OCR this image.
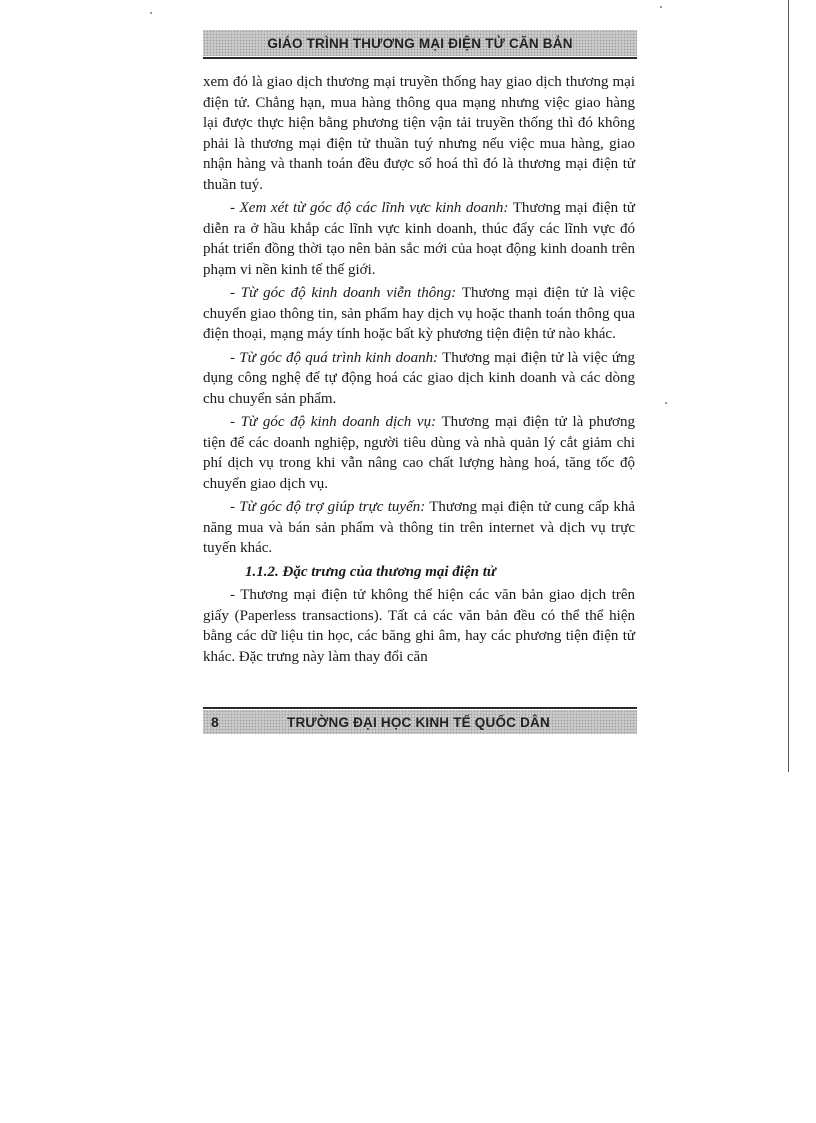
GIÁO TRÌNH THƯƠNG MẠI ĐIỆN TỬ CĂN BẢN

xem đó là giao dịch thương mại truyền thống hay giao dịch thương mại điện tử. Chẳng hạn, mua hàng thông qua mạng nhưng việc giao hàng lại được thực hiện bằng phương tiện vận tải truyền thống thì đó không phải là thương mại điện tử thuần tuý nhưng nếu việc mua hàng, giao nhận hàng và thanh toán đều được số hoá thì đó là thương mại điện tử thuần tuý.

- Xem xét từ góc độ các lĩnh vực kinh doanh: Thương mại điện tử diễn ra ở hầu khắp các lĩnh vực kinh doanh, thúc đẩy các lĩnh vực đó phát triển đồng thời tạo nên bản sắc mới của hoạt động kinh doanh trên phạm vi nền kinh tế thế giới.

- Từ góc độ kinh doanh viễn thông: Thương mại điện tử là việc chuyển giao thông tin, sản phẩm hay dịch vụ hoặc thanh toán thông qua điện thoại, mạng máy tính hoặc bất kỳ phương tiện điện tử nào khác.

- Từ góc độ quá trình kinh doanh: Thương mại điện tử là việc ứng dụng công nghệ để tự động hoá các giao dịch kinh doanh và các dòng chu chuyển sản phẩm.

- Từ góc độ kinh doanh dịch vụ: Thương mại điện tử là phương tiện để các doanh nghiệp, người tiêu dùng và nhà quản lý cắt giảm chi phí dịch vụ trong khi vẫn nâng cao chất lượng hàng hoá, tăng tốc độ chuyển giao dịch vụ.

- Từ góc độ trợ giúp trực tuyến: Thương mại điện tử cung cấp khả năng mua và bán sản phẩm và thông tin trên internet và dịch vụ trực tuyến khác.

1.1.2. Đặc trưng của thương mại điện tử

- Thương mại điện tử không thể hiện các văn bản giao dịch trên giấy (Paperless transactions). Tất cả các văn bản đều có thể thể hiện bằng các dữ liệu tin học, các băng ghi âm, hay các phương tiện điện tử khác. Đặc trưng này làm thay đổi căn

8	TRƯỜNG ĐẠI HỌC KINH TẾ QUỐC DÂN
